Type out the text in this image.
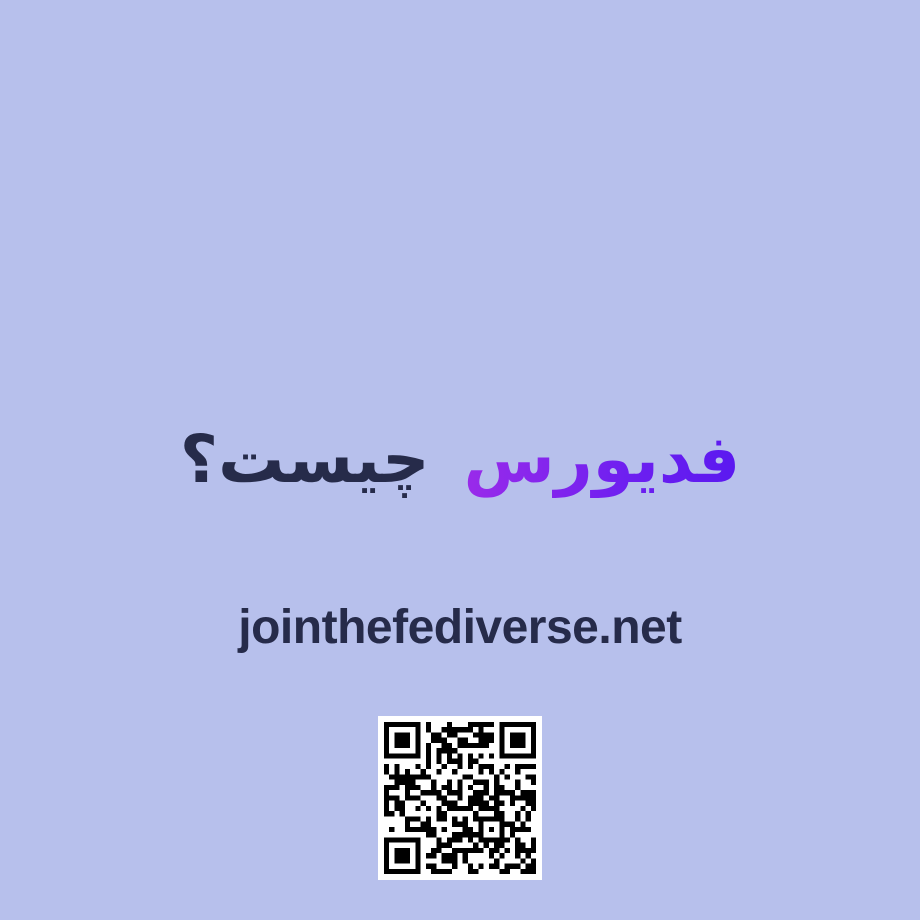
فدیورسچیست؟
jointhefediverse.net
